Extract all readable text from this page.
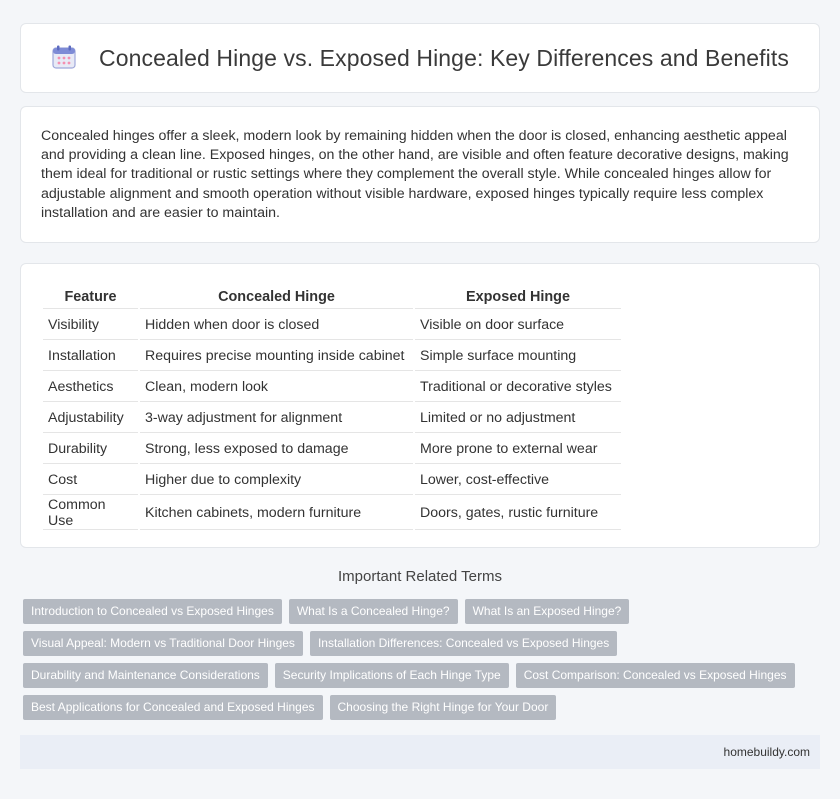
Concealed Hinge vs. Exposed Hinge: Key Differences and Benefits

Concealed hinges offer a sleek, modern look by remaining hidden when the door is closed, enhancing aesthetic appeal and providing a clean line. Exposed hinges, on the other hand, are visible and often feature decorative designs, making them ideal for traditional or rustic settings where they complement the overall style. While concealed hinges allow for adjustable alignment and smooth operation without visible hardware, exposed hinges typically require less complex installation and are easier to maintain.

Feature	Concealed Hinge	Exposed Hinge
Visibility	Hidden when door is closed	Visible on door surface
Installation	Requires precise mounting inside cabinet	Simple surface mounting
Aesthetics	Clean, modern look	Traditional or decorative styles
Adjustability	3-way adjustment for alignment	Limited or no adjustment
Durability	Strong, less exposed to damage	More prone to external wear
Cost	Higher due to complexity	Lower, cost-effective
Common Use	Kitchen cabinets, modern furniture	Doors, gates, rustic furniture
Important Related Terms
Introduction to Concealed vs Exposed Hinges	What Is a Concealed Hinge?	What Is an Exposed Hinge?
Visual Appeal: Modern vs Traditional Door Hinges	Installation Differences: Concealed vs Exposed Hinges
Durability and Maintenance Considerations	Security Implications of Each Hinge Type	Cost Comparison: Concealed vs Exposed Hinges
Best Applications for Concealed and Exposed Hinges	Choosing the Right Hinge for Your Door
homebuildy.com
